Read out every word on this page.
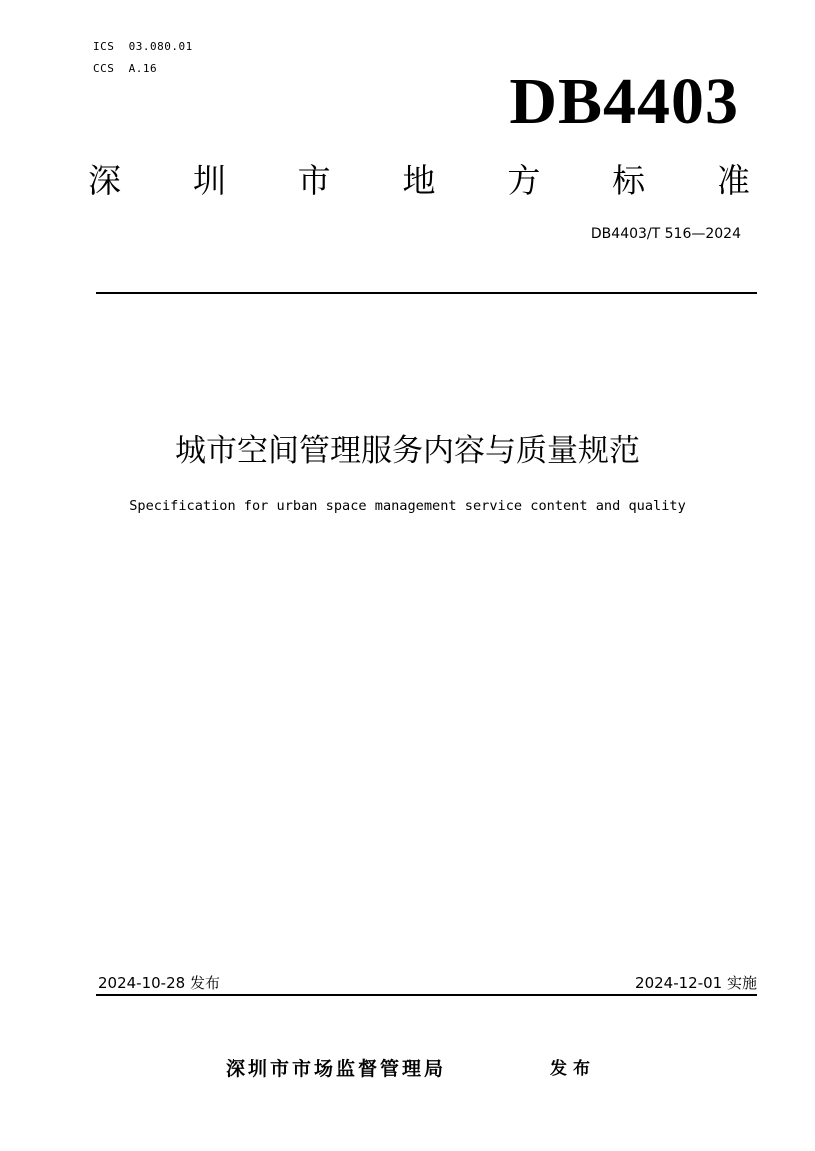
ICS  03.080.01
CCS  A.16	DB4403
深 圳 市 地 方 标 准
DB4403/T 516—2024
城市空间管理服务内容与质量规范
Specification for urban space management service content and quality
2024-10-28 发布	2024-12-01 实施
深圳市市场监督管理局	发布
